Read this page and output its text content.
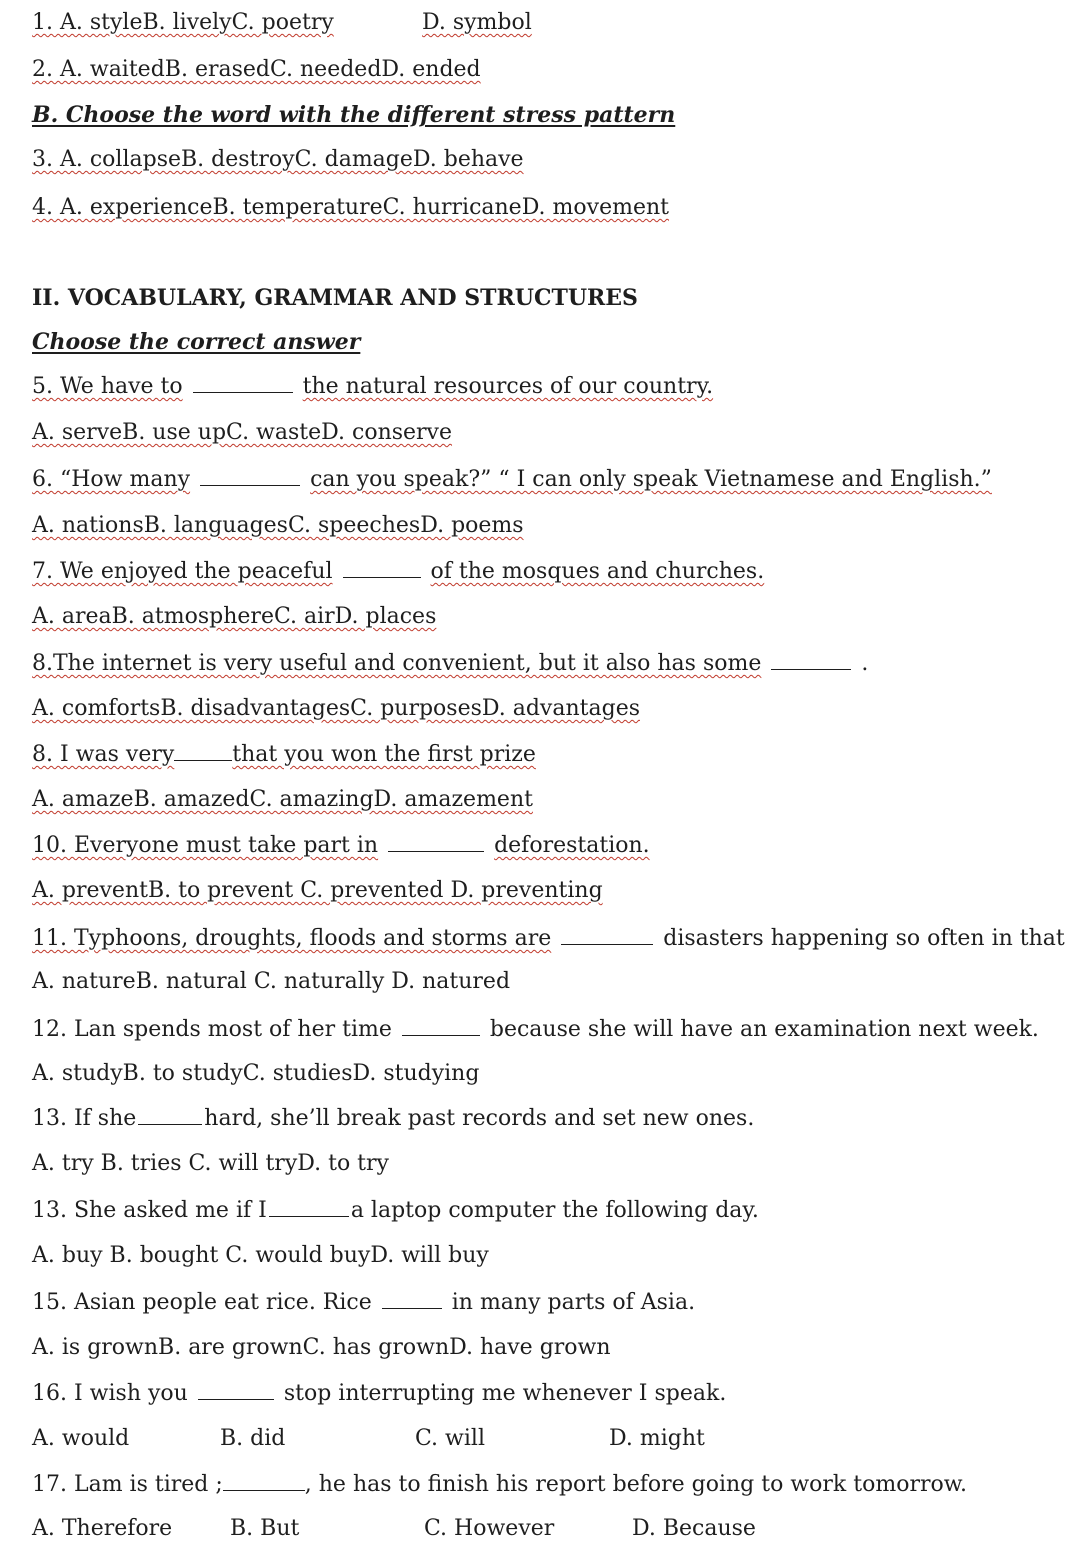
1. A. styleB. livelyC. poetry	D. symbol
2. A. waitedB. erasedC. neededD. ended
B. Choose the word with the different stress pattern
3. A. collapseB. destroyC. damageD. behave
4. A. experienceB. temperatureC. hurricaneD. movement
II. VOCABULARY, GRAMMAR AND STRUCTURES
Choose the correct answer
5. We have to	the natural resources of our country.
A. serveB. use upC. wasteD. conserve
6. “How many	can you speak?” “ I can only speak Vietnamese and English.”
A. nationsB. languagesC. speechesD. poems
7. We enjoyed the peaceful	of the mosques and churches.
A. areaB. atmosphereC. airD. places
8.The internet is very useful and convenient, but it also has some	.
A. comfortsB. disadvantagesC. purposesD. advantages
8. I was very	that you won the first prize
A. amazeB. amazedC. amazingD. amazement
10. Everyone must take part in	deforestation.
A. preventB. to prevent C. prevented D. preventing
11. Typhoons, droughts, floods and storms are	disasters happening so often in that
A. natureB. natural C. naturally D. natured
12. Lan spends most of her time	because she will have an examination next week.
A. studyB. to studyC. studiesD. studying
13. If she	hard, she’ll break past records and set new ones.
A. try B. tries C. will tryD. to try
13. She asked me if I	a laptop computer the following day.
A. buy B. bought C. would buyD. will buy
15. Asian people eat rice. Rice	in many parts of Asia.
A. is grownB. are grownC. has grownD. have grown
16. I wish you	stop interrupting me whenever I speak.
A. would	B. did	C. will	D. might
17. Lam is tired ;	, he has to finish his report before going to work tomorrow.
A. Therefore	B. But	C. However	D. Because
